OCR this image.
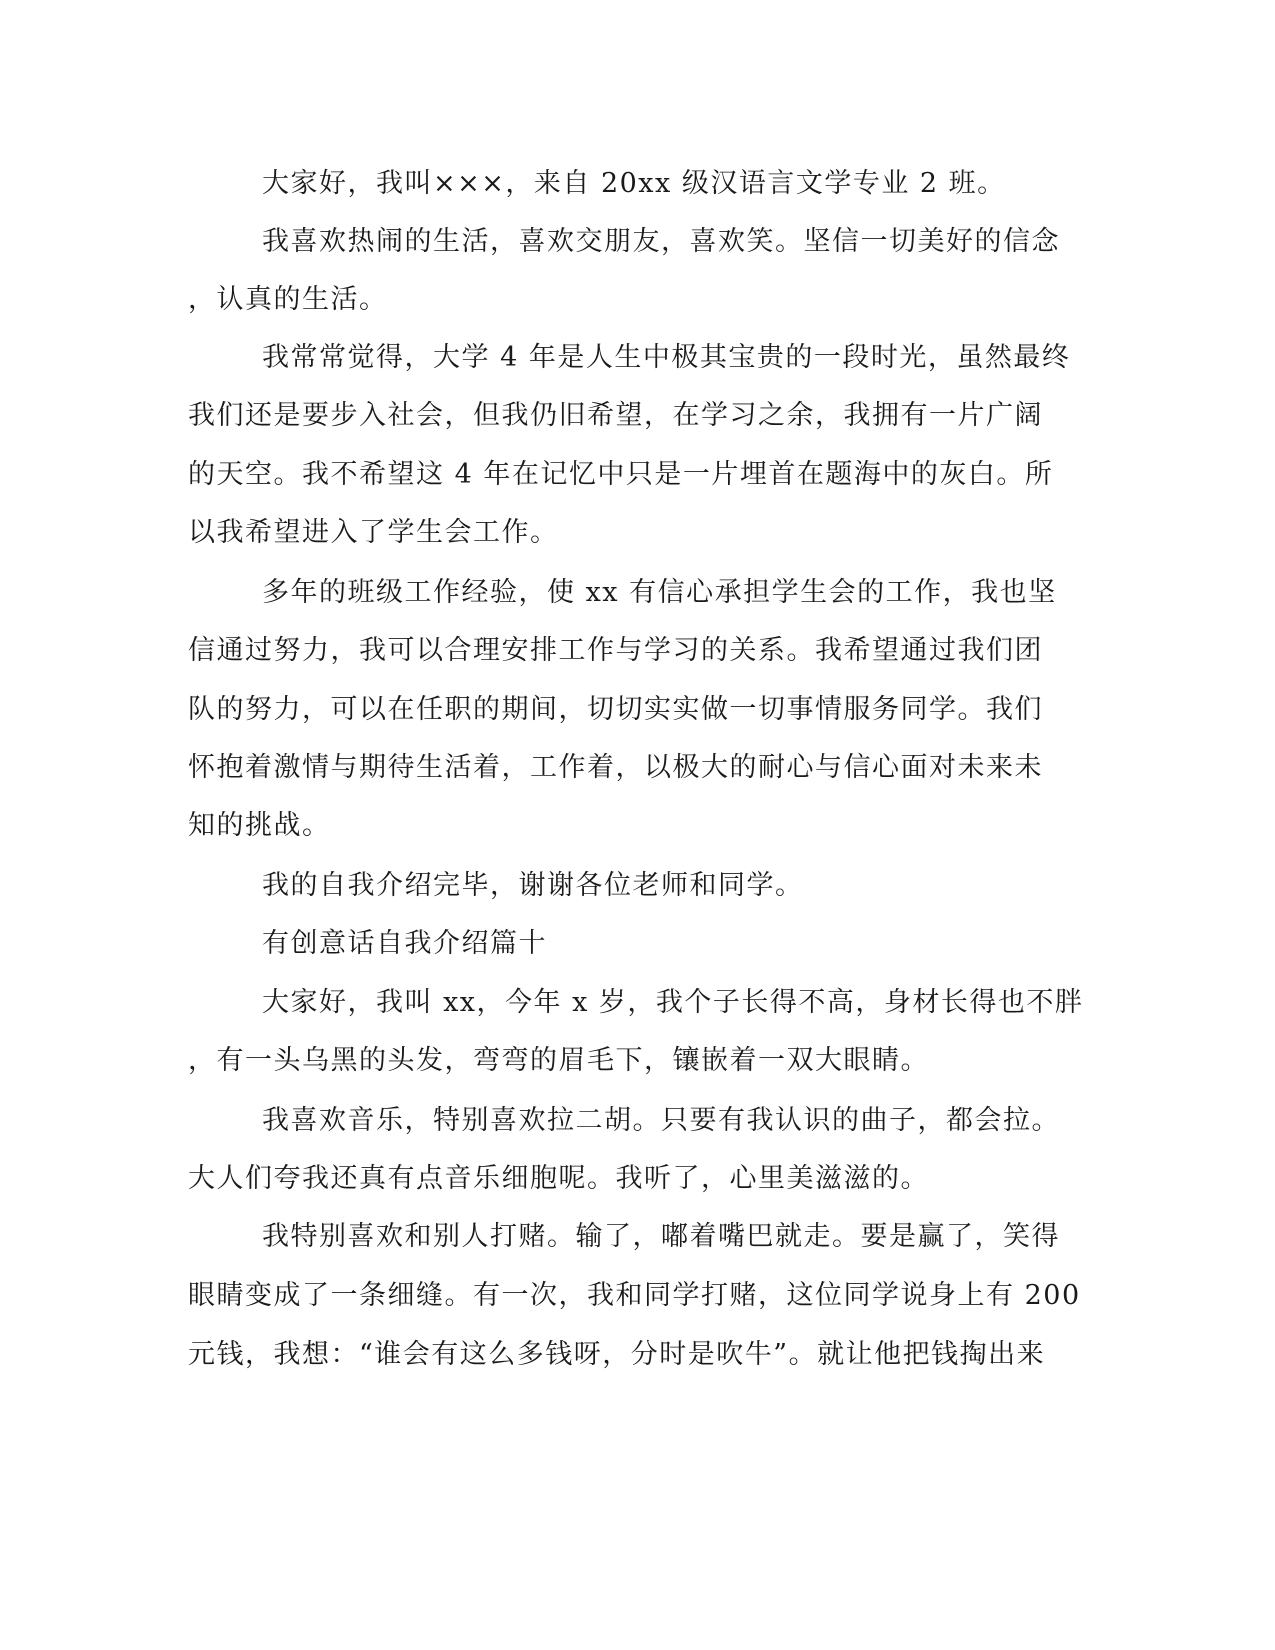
大家好，我叫×××，来自 20xx 级汉语言文学专业 2 班。
我喜欢热闹的生活，喜欢交朋友，喜欢笑。坚信一切美好的信念
，认真的生活。
我常常觉得，大学 4 年是人生中极其宝贵的一段时光，虽然最终
我们还是要步入社会，但我仍旧希望，在学习之余，我拥有一片广阔
的天空。我不希望这 4 年在记忆中只是一片埋首在题海中的灰白。所
以我希望进入了学生会工作。
多年的班级工作经验，使 xx 有信心承担学生会的工作，我也坚
信通过努力，我可以合理安排工作与学习的关系。我希望通过我们团
队的努力，可以在任职的期间，切切实实做一切事情服务同学。我们
怀抱着激情与期待生活着，工作着，以极大的耐心与信心面对未来未
知的挑战。
我的自我介绍完毕，谢谢各位老师和同学。
有创意话自我介绍篇十
大家好，我叫 xx，今年 x 岁，我个子长得不高，身材长得也不胖
，有一头乌黑的头发，弯弯的眉毛下，镶嵌着一双大眼睛。
我喜欢音乐，特别喜欢拉二胡。只要有我认识的曲子，都会拉。
大人们夸我还真有点音乐细胞呢。我听了，心里美滋滋的。
我特别喜欢和别人打赌。输了，嘟着嘴巴就走。要是赢了，笑得
眼睛变成了一条细缝。有一次，我和同学打赌，这位同学说身上有 200
元钱，我想：“谁会有这么多钱呀，分时是吹牛”。就让他把钱掏出来
